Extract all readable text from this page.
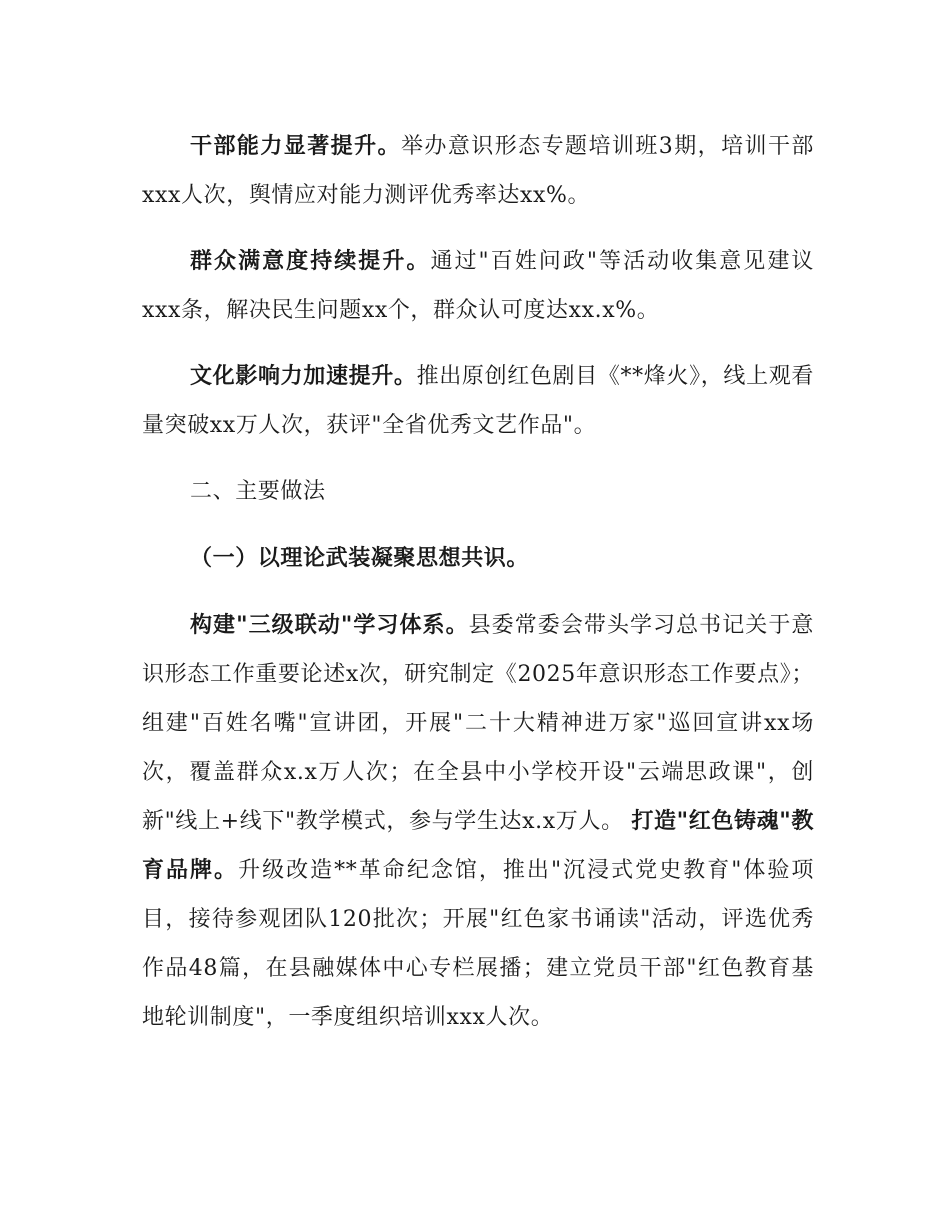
干部能力显著提升。举办意识形态专题培训班3期，培训干部xxx人次，舆情应对能力测评优秀率达xx%。

群众满意度持续提升。通过"百姓问政"等活动收集意见建议xxx条，解决民生问题xx个，群众认可度达xx.x%。

文化影响力加速提升。推出原创红色剧目《**烽火》，线上观看量突破xx万人次，获评"全省优秀文艺作品"。

二、主要做法

（一）以理论武装凝聚思想共识。

构建"三级联动"学习体系。县委常委会带头学习总书记关于意识形态工作重要论述x次，研究制定《2025年意识形态工作要点》；组建"百姓名嘴"宣讲团，开展"二十大精神进万家"巡回宣讲xx场次，覆盖群众x.x万人次；在全县中小学校开设"云端思政课"，创新"线上+线下"教学模式，参与学生达x.x万人。 打造"红色铸魂"教育品牌。升级改造**革命纪念馆，推出"沉浸式党史教育"体验项目，接待参观团队120批次；开展"红色家书诵读"活动，评选优秀作品48篇，在县融媒体中心专栏展播；建立党员干部"红色教育基地轮训制度"，一季度组织培训xxx人次。
